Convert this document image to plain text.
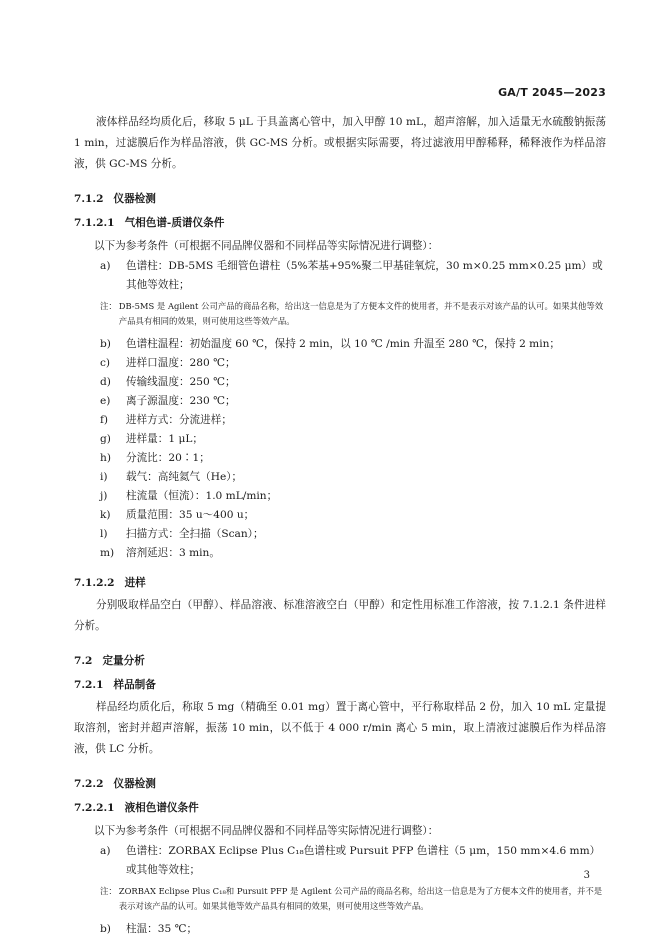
GA/T 2045—2023

液体样品经均质化后，移取 5 μL 于具盖离心管中，加入甲醇 10 mL，超声溶解，加入适量无水硫酸钠振荡 1 min，过滤膜后作为样品溶液，供 GC-MS 分析。或根据实际需要，将过滤液用甲醇稀释，稀释液作为样品溶液，供 GC-MS 分析。

7.1.2 仪器检测
7.1.2.1 气相色谱-质谱仪条件

以下为参考条件（可根据不同品牌仪器和不同样品等实际情况进行调整）：

a)	色谱柱：DB-5MS 毛细管色谱柱（5%苯基+95%聚二甲基硅氧烷，30 m×0.25 mm×0.25 μm）或其他等效柱；
注： DB-5MS 是 Agilent 公司产品的商品名称，给出这一信息是为了方便本文件的使用者，并不是表示对该产品的认可。如果其他等效产品具有相同的效果，则可使用这些等效产品。
b)	色谱柱温程：初始温度 60 ℃，保持 2 min，以 10 ℃ /min 升温至 280 ℃，保持 2 min；
c)	进样口温度：280 ℃；
d)	传输线温度：250 ℃；
e)	离子源温度：230 ℃；
f)	进样方式：分流进样；
g)	进样量：1 μL；
h)	分流比：20∶1；
i)	载气：高纯氦气（He）；
j)	柱流量（恒流）：1.0 mL/min；
k)	质量范围：35 u～400 u；
l)	扫描方式：全扫描（Scan）；
m)	溶剂延迟：3 min。
7.1.2.2 进样

分别吸取样品空白（甲醇）、样品溶液、标准溶液空白（甲醇）和定性用标准工作溶液，按 7.1.2.1 条件进样分析。

7.2 定量分析
7.2.1 样品制备

样品经均质化后，称取 5 mg（精确至 0.01 mg）置于离心管中，平行称取样品 2 份，加入 10 mL 定量提取溶剂，密封并超声溶解，振荡 10 min，以不低于 4 000 r/min 离心 5 min，取上清液过滤膜后作为样品溶液，供 LC 分析。

7.2.2 仪器检测
7.2.2.1 液相色谱仪条件

以下为参考条件（可根据不同品牌仪器和不同样品等实际情况进行调整）：

a)	色谱柱：ZORBAX Eclipse Plus C₁₈色谱柱或 Pursuit PFP 色谱柱（5 μm，150 mm×4.6 mm）或其他等效柱；
注： ZORBAX Eclipse Plus C₁₈和 Pursuit PFP 是 Agilent 公司产品的商品名称，给出这一信息是为了方便本文件的使用者，并不是表示对该产品的认可。如果其他等效产品具有相同的效果，则可使用这些等效产品。
b)	柱温：35 ℃；
3
